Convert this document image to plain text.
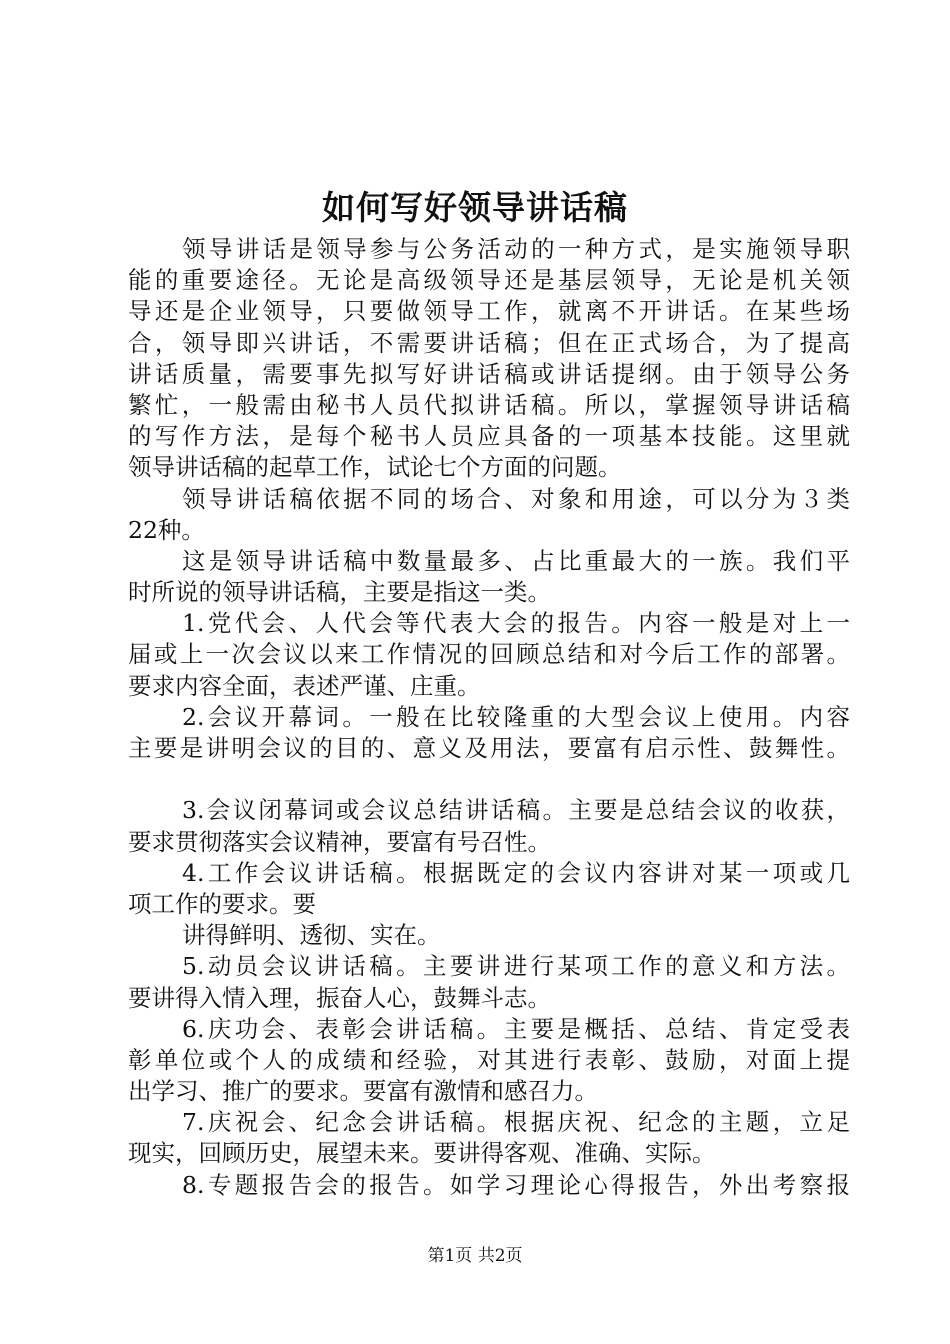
如何写好领导讲话稿
领导讲话是领导参与公务活动的一种方式，是实施领导职
能的重要途径。无论是高级领导还是基层领导，无论是机关领
导还是企业领导，只要做领导工作，就离不开讲话。在某些场
合，领导即兴讲话，不需要讲话稿；但在正式场合，为了提高
讲话质量，需要事先拟写好讲话稿或讲话提纲。由于领导公务
繁忙，一般需由秘书人员代拟讲话稿。所以，掌握领导讲话稿
的写作方法，是每个秘书人员应具备的一项基本技能。这里就
领导讲话稿的起草工作，试论七个方面的问题。
领导讲话稿依据不同的场合、对象和用途，可以分为３类
22种。
这是领导讲话稿中数量最多、占比重最大的一族。我们平
时所说的领导讲话稿，主要是指这一类。
1.党代会、人代会等代表大会的报告。内容一般是对上一
届或上一次会议以来工作情况的回顾总结和对今后工作的部署。
要求内容全面，表述严谨、庄重。
2.会议开幕词。一般在比较隆重的大型会议上使用。内容
主要是讲明会议的目的、意义及用法，要富有启示性、鼓舞性。
3.会议闭幕词或会议总结讲话稿。主要是总结会议的收获，
要求贯彻落实会议精神，要富有号召性。
4.工作会议讲话稿。根据既定的会议内容讲对某一项或几
项工作的要求。要
讲得鲜明、透彻、实在。
5.动员会议讲话稿。主要讲进行某项工作的意义和方法。
要讲得入情入理，振奋人心，鼓舞斗志。
6.庆功会、表彰会讲话稿。主要是概括、总结、肯定受表
彰单位或个人的成绩和经验，对其进行表彰、鼓励，对面上提
出学习、推广的要求。要富有激情和感召力。
7.庆祝会、纪念会讲话稿。根据庆祝、纪念的主题，立足
现实，回顾历史，展望未来。要讲得客观、准确、实际。
8.专题报告会的报告。如学习理论心得报告，外出考察报
第1页 共2页
